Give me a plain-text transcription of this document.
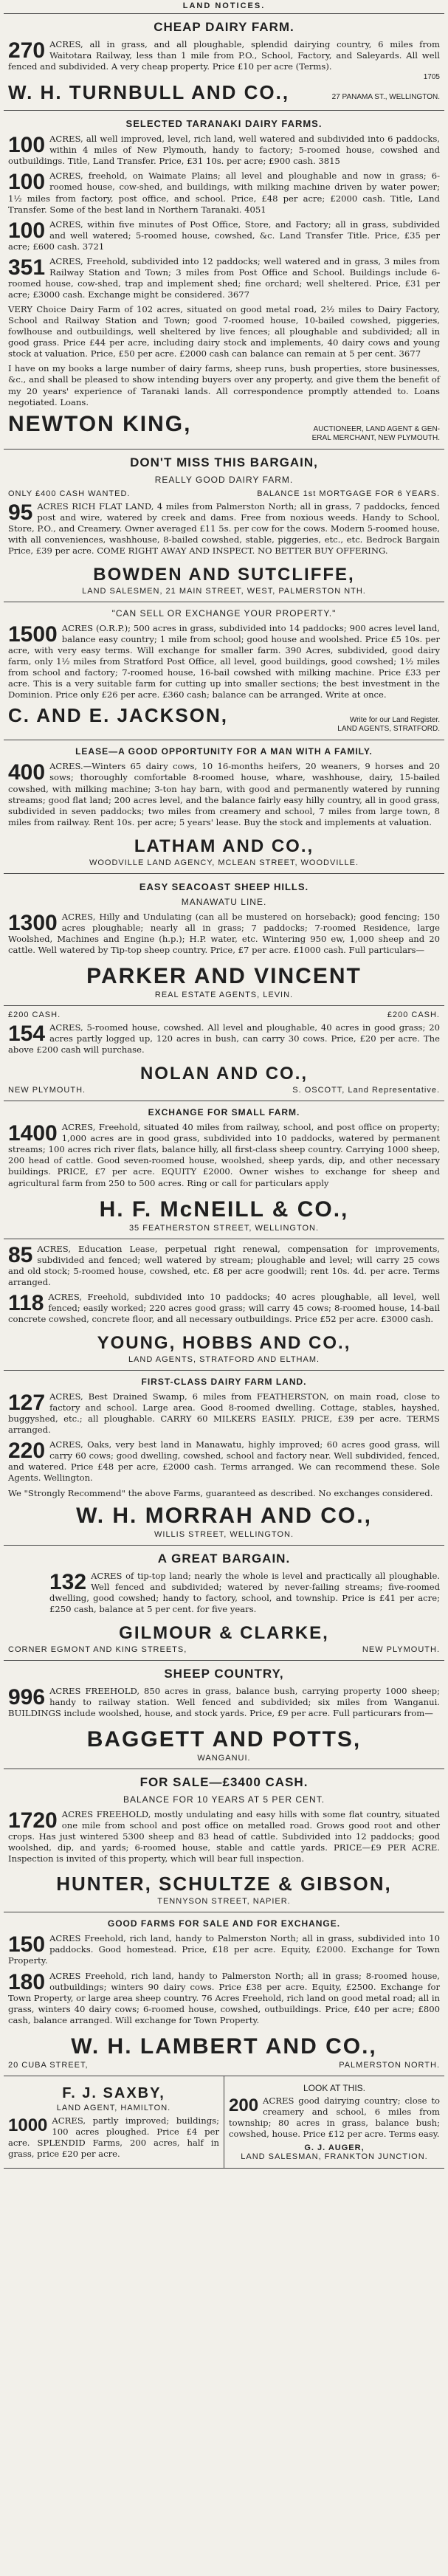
LAND NOTICES.
CHEAP DAIRY FARM.

270 ACRES, all in grass, and all ploughable, splendid dairying country, 6 miles from Waitotara Railway, less than 1 mile from P.O., School, Factory, and Saleyards. All well fenced and subdivided. A very cheap property. Price £10 per acre (Terms).

1705
W. H. TURNBULL AND CO.,	27 PANAMA ST., WELLINGTON.
SELECTED TARANAKI DAIRY FARMS.

100 ACRES, all well improved, level, rich land, well watered and subdivided into 6 paddocks, within 4 miles of New Plymouth, handy to factory; 5-roomed house, cowshed and outbuildings. Title, Land Transfer. Price, £31 10s. per acre; £900 cash. 3815

100 ACRES, freehold, on Waimate Plains; all level and ploughable and now in grass; 6-roomed house, cow-shed, and buildings, with milking machine driven by water power; 1½ miles from factory, post office, and school. Price, £48 per acre; £2000 cash. Title, Land Transfer. Some of the best land in Northern Taranaki. 4051

100 ACRES, within five minutes of Post Office, Store, and Factory; all in grass, subdivided and well watered; 5-roomed house, cowshed, &c. Land Transfer Title. Price, £35 per acre; £600 cash. 3721

351 ACRES, Freehold, subdivided into 12 paddocks; well watered and in grass, 3 miles from Railway Station and Town; 3 miles from Post Office and School. Buildings include 6-roomed house, cow-shed, trap and implement shed; fine orchard; well sheltered. Price, £31 per acre; £3000 cash. Exchange might be considered. 3677

VERY Choice Dairy Farm of 102 acres, situated on good metal road, 2½ miles to Dairy Factory, School and Railway Station and Town; good 7-roomed house, 10-bailed cowshed, piggeries, fowlhouse and outbuildings, well sheltered by live fences; all ploughable and subdivided; all in good grass. Price £44 per acre, including dairy stock and implements, 40 dairy cows and young stock at valuation. Price, £50 per acre. £2000 cash can balance can remain at 5 per cent. 3677

I have on my books a large number of dairy farms, sheep runs, bush properties, store businesses, &c., and shall be pleased to show intending buyers over any property, and give them the benefit of my 20 years' experience of Taranaki lands. All correspondence promptly attended to. Loans negotiated. Loans.

NEWTON KING,	AUCTIONEER, LAND AGENT & GEN-
ERAL MERCHANT, NEW PLYMOUTH.
DON'T MISS THIS BARGAIN,
REALLY GOOD DAIRY FARM.
ONLY £400 CASH WANTED.	BALANCE 1st MORTGAGE FOR 6 YEARS.

95 ACRES RICH FLAT LAND, 4 miles from Palmerston North; all in grass, 7 paddocks, fenced post and wire, watered by creek and dams. Free from noxious weeds. Handy to School, Store, P.O., and Creamery. Owner averaged £11 5s. per cow for the cows. Modern 5-roomed house, with all conveniences, washhouse, 8-bailed cowshed, stable, piggeries, etc., etc. Bedrock Bargain Price, £39 per acre. COME RIGHT AWAY AND INSPECT. NO BETTER BUY OFFERING.

BOWDEN AND SUTCLIFFE,
LAND SALESMEN, 21 MAIN STREET, WEST, PALMERSTON NTH.
"CAN SELL OR EXCHANGE YOUR PROPERTY."

1500 ACRES (O.R.P.); 500 acres in grass, subdivided into 14 paddocks; 900 acres level land, balance easy country; 1 mile from school; good house and woolshed. Price £5 10s. per acre, with very easy terms. Will exchange for smaller farm. 390 Acres, subdivided, good dairy farm, only 1½ miles from Stratford Post Office, all level, good buildings, good cowshed; 1½ miles from school and factory; 7-roomed house, 16-bail cowshed with milking machine. Price £33 per acre. This is a very suitable farm for cutting up into smaller sections; the best investment in the Dominion. Price only £26 per acre. £360 cash; balance can be arranged. Write at once.

C. AND E. JACKSON,	Write for our Land Register.
LAND AGENTS, STRATFORD.
LEASE—A GOOD OPPORTUNITY FOR A MAN WITH A FAMILY.

400 ACRES.—Winters 65 dairy cows, 10 16-months heifers, 20 weaners, 9 horses and 20 sows; thoroughly comfortable 8-roomed house, whare, washhouse, dairy, 15-bailed cowshed, with milking machine; 3-ton hay barn, with good and permanently watered by running streams; good flat land; 200 acres level, and the balance fairly easy hilly country, all in good grass, subdivided in seven paddocks; two miles from creamery and school, 7 miles from large town, 8 miles from railway. Rent 10s. per acre; 5 years' lease. Buy the stock and implements at valuation.

LATHAM AND CO.,
WOODVILLE LAND AGENCY, MCLEAN STREET, WOODVILLE.
EASY SEACOAST SHEEP HILLS.
MANAWATU LINE.

1300 ACRES, Hilly and Undulating (can all be mustered on horseback); good fencing; 150 acres ploughable; nearly all in grass; 7 paddocks; 7-roomed Residence, large Woolshed, Machines and Engine (h.p.); H.P. water, etc. Wintering 950 ew, 1,000 sheep and 20 cattle. Well watered by Tip-top sheep country. Price, £7 per acre. £1000 cash. Full particulars—

PARKER AND VINCENT
REAL ESTATE AGENTS, LEVIN.
£200 CASH.	£200 CASH.

154 ACRES, 5-roomed house, cowshed. All level and ploughable, 40 acres in good grass; 20 acres partly logged up, 120 acres in bush, can carry 30 cows. Price, £20 per acre. The above £200 cash will purchase.

NOLAN AND CO.,
NEW PLYMOUTH.	S. OSCOTT, Land Representative.
EXCHANGE FOR SMALL FARM.

1400 ACRES, Freehold, situated 40 miles from railway, school, and post office on property; 1,000 acres are in good grass, subdivided into 10 paddocks, watered by permanent streams; 100 acres rich river flats, balance hilly, all first-class sheep country. Carrying 1000 sheep, 200 head of cattle. Good seven-roomed house, woolshed, sheep yards, dip, and other necessary buildings. PRICE, £7 per acre. EQUITY £2000. Owner wishes to exchange for sheep and agricultural farm from 250 to 500 acres. Ring or call for particulars apply

H. F. McNEILL & CO.,
35 FEATHERSTON STREET, WELLINGTON.

85 ACRES, Education Lease, perpetual right renewal, compensation for improvements, subdivided and fenced; well watered by stream; ploughable and level; will carry 25 cows and old stock; 5-roomed house, cowshed, etc. £8 per acre goodwill; rent 10s. 4d. per acre. Terms arranged.

118 ACRES, Freehold, subdivided into 10 paddocks; 40 acres ploughable, all level, well fenced; easily worked; 220 acres good grass; will carry 45 cows; 8-roomed house, 14-bail concrete cowshed, concrete floor, and all necessary outbuildings. Price £52 per acre. £3000 cash.

YOUNG, HOBBS AND CO.,
LAND AGENTS, STRATFORD AND ELTHAM.
FIRST-CLASS DAIRY FARM LAND.

127 ACRES, Best Drained Swamp, 6 miles from FEATHERSTON, on main road, close to factory and school. Large area. Good 8-roomed dwelling. Cottage, stables, hayshed, buggyshed, etc.; all ploughable. CARRY 60 MILKERS EASILY. PRICE, £39 per acre. TERMS arranged.

220 ACRES, Oaks, very best land in Manawatu, highly improved; 60 acres good grass, will carry 60 cows; good dwelling, cowshed, school and factory near. Well subdivided, fenced, and watered. Price £48 per acre, £2000 cash. Terms arranged. We can recommend these. Sole Agents. Wellington.

We "Strongly Recommend" the above Farms, guaranteed as described. No exchanges considered.

W. H. MORRAH AND CO.,
WILLIS STREET, WELLINGTON.
A GREAT BARGAIN.

132 ACRES of tip-top land; nearly the whole is level and practically all ploughable. Well fenced and subdivided; watered by never-failing streams; five-roomed dwelling, good cowshed; handy to factory, school, and township. Price is £41 per acre; £250 cash, balance at 5 per cent. for five years.

GILMOUR & CLARKE,
CORNER EGMONT AND KING STREETS,	NEW PLYMOUTH.
SHEEP COUNTRY,

996 ACRES FREEHOLD, 850 acres in grass, balance bush, carrying property 1000 sheep; handy to railway station. Well fenced and subdivided; six miles from Wanganui. BUILDINGS include woolshed, house, and stock yards. Price, £9 per acre. Full particurars from—

BAGGETT AND POTTS,
WANGANUI.
FOR SALE—£3400 CASH.
BALANCE FOR 10 YEARS AT 5 PER CENT.

1720 ACRES FREEHOLD, mostly undulating and easy hills with some flat country, situated one mile from school and post office on metalled road. Grows good root and other crops. Has just wintered 5300 sheep and 83 head of cattle. Subdivided into 12 paddocks; good woolshed, dip, and yards; 6-roomed house, stable and cattle yards. PRICE—£9 PER ACRE. Inspection is invited of this property, which will bear full inspection.

HUNTER, SCHULTZE & GIBSON,
TENNYSON STREET, NAPIER.
GOOD FARMS FOR SALE AND FOR EXCHANGE.

150 ACRES Freehold, rich land, handy to Palmerston North; all in grass, subdivided into 10 paddocks. Good homestead. Price, £18 per acre. Equity, £2000. Exchange for Town Property.

180 ACRES Freehold, rich land, handy to Palmerston North; all in grass; 8-roomed house, outbuildings; winters 90 dairy cows. Price £38 per acre. Equity, £2500. Exchange for Town Property, or large area sheep country. 76 Acres Freehold, rich land on good metal road; all in grass, winters 40 dairy cows; 6-roomed house, cowshed, outbuildings. Price, £40 per acre; £800 cash, balance arranged. Will exchange for Town Property.

W. H. LAMBERT AND CO.,
20 CUBA STREET,	PALMERSTON NORTH.
F. J. SAXBY,
LAND AGENT, HAMILTON.

1000 ACRES, partly improved; buildings; 100 acres ploughed. Price £4 per acre. SPLENDID Farms, 200 acres, half in grass, price £20 per acre.

LOOK AT THIS.

200 ACRES good dairying country; close to creamery and school, 6 miles from township; 80 acres in grass, balance bush; cowshed, house. Price £12 per acre. Terms easy.

G. J. AUGER,
LAND SALESMAN, FRANKTON JUNCTION.
